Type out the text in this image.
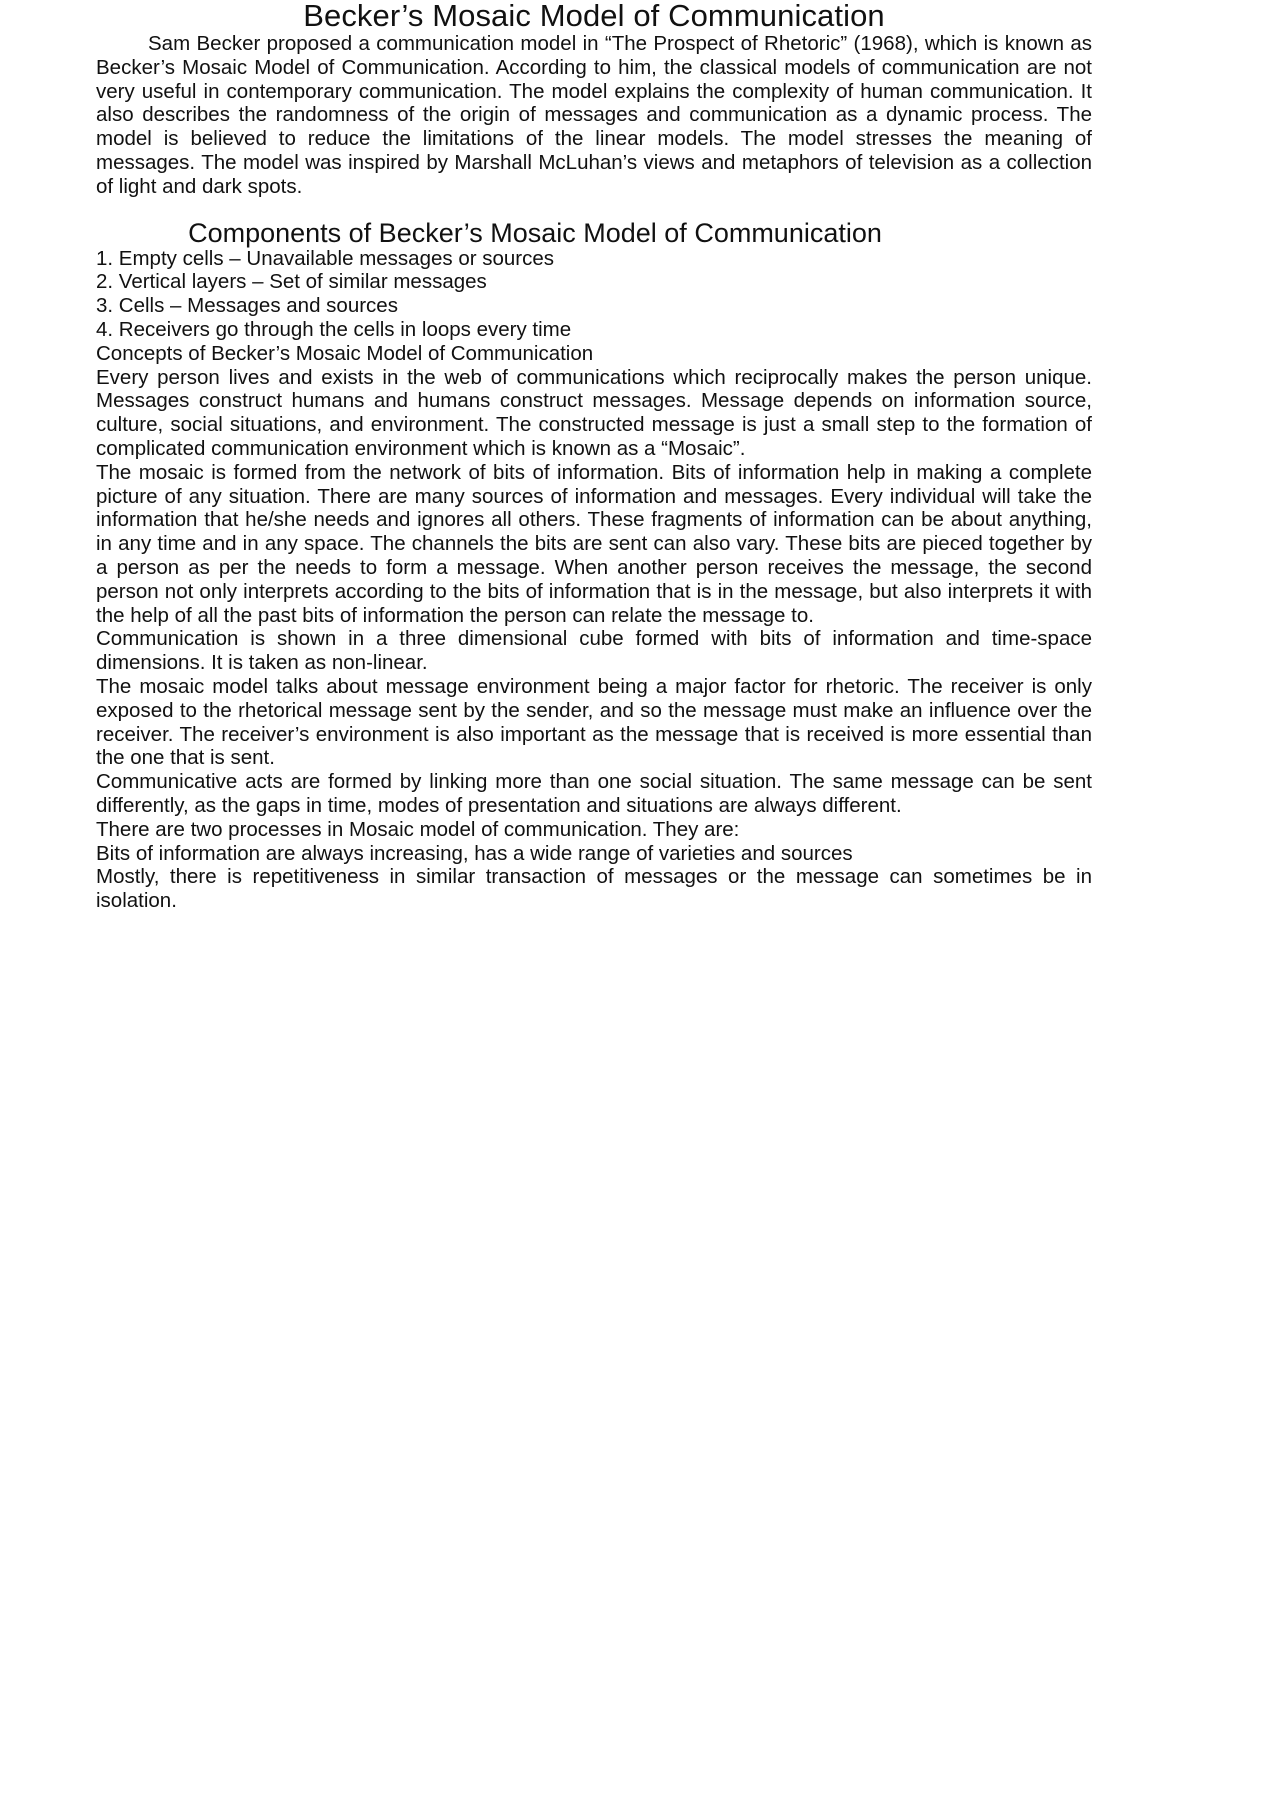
Becker’s Mosaic Model of Communication

Sam Becker proposed a communication model in “The Prospect of Rhetoric” (1968), which is known as Becker’s Mosaic Model of Communication. According to him, the classical models of communication are not very useful in contemporary communication. The model explains the complexity of human communication. It also describes the randomness of the origin of messages and communication as a dynamic process. The model is believed to reduce the limitations of the linear models. The model stresses the meaning of messages. The model was inspired by Marshall McLuhan’s views and metaphors of television as a collection of light and dark spots.

Components of Becker’s Mosaic Model of Communication
1. Empty cells – Unavailable messages or sources
2. Vertical layers – Set of similar messages
3. Cells – Messages and sources
4. Receivers go through the cells in loops every time

Concepts of Becker’s Mosaic Model of Communication

Every person lives and exists in the web of communications which reciprocally makes the person unique. Messages construct humans and humans construct messages. Message depends on information source, culture, social situations, and environment. The constructed message is just a small step to the formation of complicated communication environment which is known as a “Mosaic”.

The mosaic is formed from the network of bits of information. Bits of information help in making a complete picture of any situation. There are many sources of information and messages. Every individual will take the information that he/she needs and ignores all others. These fragments of information can be about anything, in any time and in any space. The channels the bits are sent can also vary. These bits are pieced together by a person as per the needs to form a message. When another person receives the message, the second person not only interprets according to the bits of information that is in the message, but also interprets it with the help of all the past bits of information the person can relate the message to.

Communication is shown in a three dimensional cube formed with bits of information and time-space dimensions. It is taken as non-linear.

The mosaic model talks about message environment being a major factor for rhetoric. The receiver is only exposed to the rhetorical message sent by the sender, and so the message must make an influence over the receiver. The receiver’s environment is also important as the message that is received is more essential than the one that is sent.

Communicative acts are formed by linking more than one social situation. The same message can be sent differently, as the gaps in time, modes of presentation and situations are always different.

There are two processes in Mosaic model of communication. They are:

Bits of information are always increasing, has a wide range of varieties and sources

Mostly, there is repetitiveness in similar transaction of messages or the message can sometimes be in isolation.
